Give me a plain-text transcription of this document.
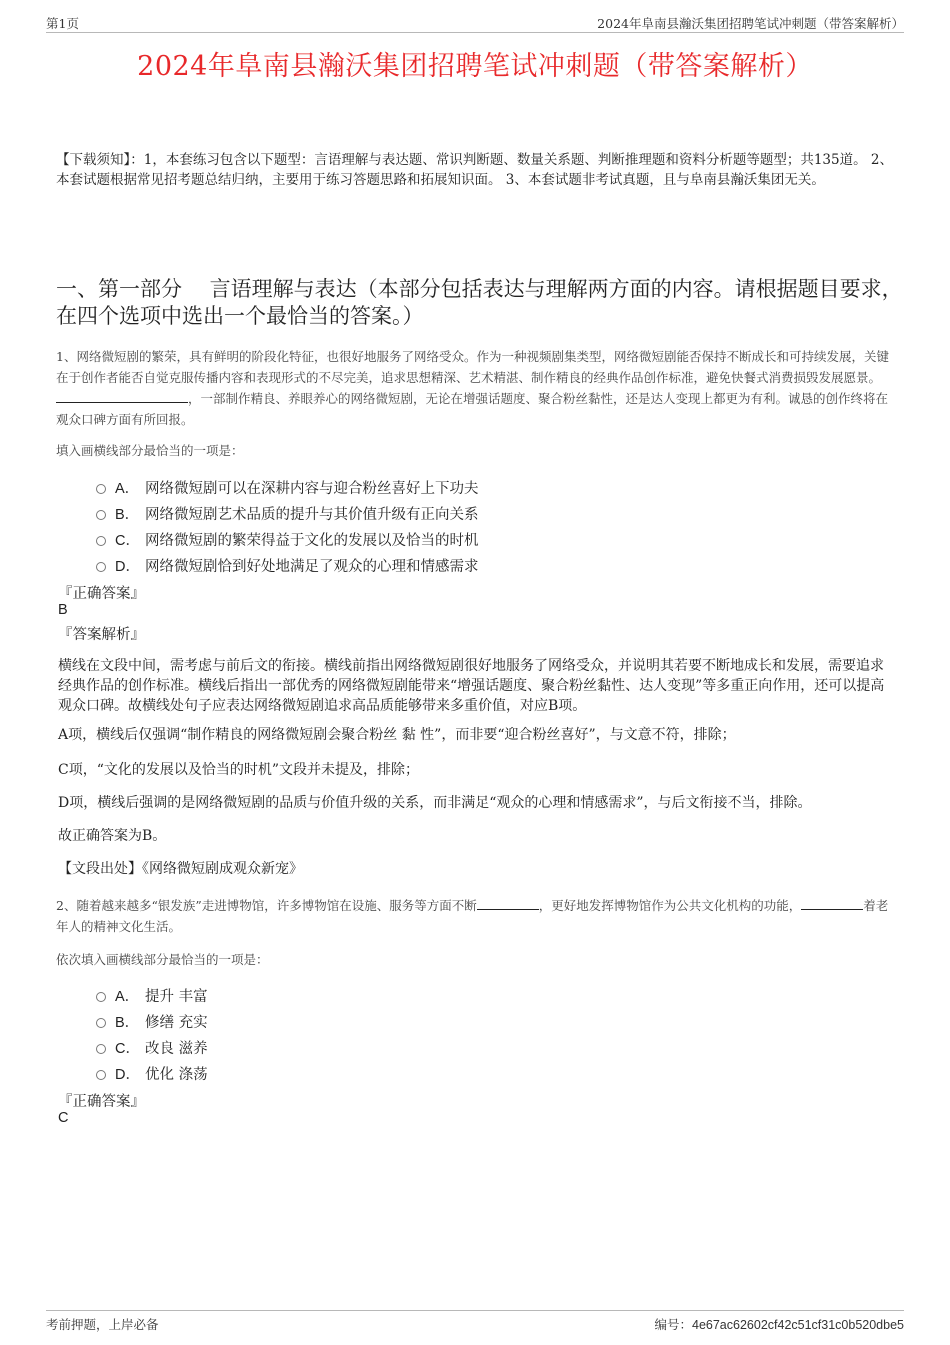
第1页	2024年阜南县瀚沃集团招聘笔试冲刺题（带答案解析）
2024年阜南县瀚沃集团招聘笔试冲刺题（带答案解析）

【下载须知】：1，本套练习包含以下题型：言语理解与表达题、常识判断题、数量关系题、判断推理题和资料分析题等题型；共135道。 2、本套试题根据常见招考题总结归纳，主要用于练习答题思路和拓展知识面。 3、本套试题非考试真题，且与阜南县瀚沃集团无关。

一、第一部分　 言语理解与表达（本部分包括表达与理解两方面的内容。请根据题目要求，在四个选项中选出一个最恰当的答案。）

1、网络微短剧的繁荣，具有鲜明的阶段化特征，也很好地服务了网络受众。作为一种视频剧集类型，网络微短剧能否保持不断成长和可持续发展，关键在于创作者能否自觉克服传播内容和表现形式的不尽完美，追求思想精深、艺术精湛、制作精良的经典作品创作标准，避免快餐式消费损毁发展愿景。，一部制作精良、养眼养心的网络微短剧，无论在增强话题度、聚合粉丝黏性，还是达人变现上都更为有利。诚恳的创作终将在观众口碑方面有所回报。

填入画横线部分最恰当的一项是：
A． 网络微短剧可以在深耕内容与迎合粉丝喜好上下功夫
B． 网络微短剧艺术品质的提升与其价值升级有正向关系
C． 网络微短剧的繁荣得益于文化的发展以及恰当的时机
D． 网络微短剧恰到好处地满足了观众的心理和情感需求
『正确答案』
B
『答案解析』

横线在文段中间，需考虑与前后文的衔接。横线前指出网络微短剧很好地服务了网络受众，并说明其若要不断地成长和发展，需要追求经典作品的创作标准。横线后指出一部优秀的网络微短剧能带来“增强话题度、聚合粉丝黏性、达人变现”等多重正向作用，还可以提高观众口碑。故横线处句子应表达网络微短剧追求高品质能够带来多重价值，对应B项。

A项，横线后仅强调“制作精良的网络微短剧会聚合粉丝 黏 性”，而非要“迎合粉丝喜好”，与文意不符，排除；

C项，“文化的发展以及恰当的时机”文段并未提及，排除；

D项，横线后强调的是网络微短剧的品质与价值升级的关系，而非满足“观众的心理和情感需求”，与后文衔接不当，排除。

故正确答案为B。

【文段出处】《网络微短剧成观众新宠》

2、随着越来越多“银发族”走进博物馆，许多博物馆在设施、服务等方面不断	，更好地发挥博物馆作为公共文化机构的功能，	着老年人的精神文化生活。

依次填入画横线部分最恰当的一项是：
A． 提升 丰富
B． 修缮 充实
C． 改良 滋养
D． 优化 涤荡
『正确答案』
C
考前押题，上岸必备	编号：4e67ac62602cf42c51cf31c0b520dbe5
